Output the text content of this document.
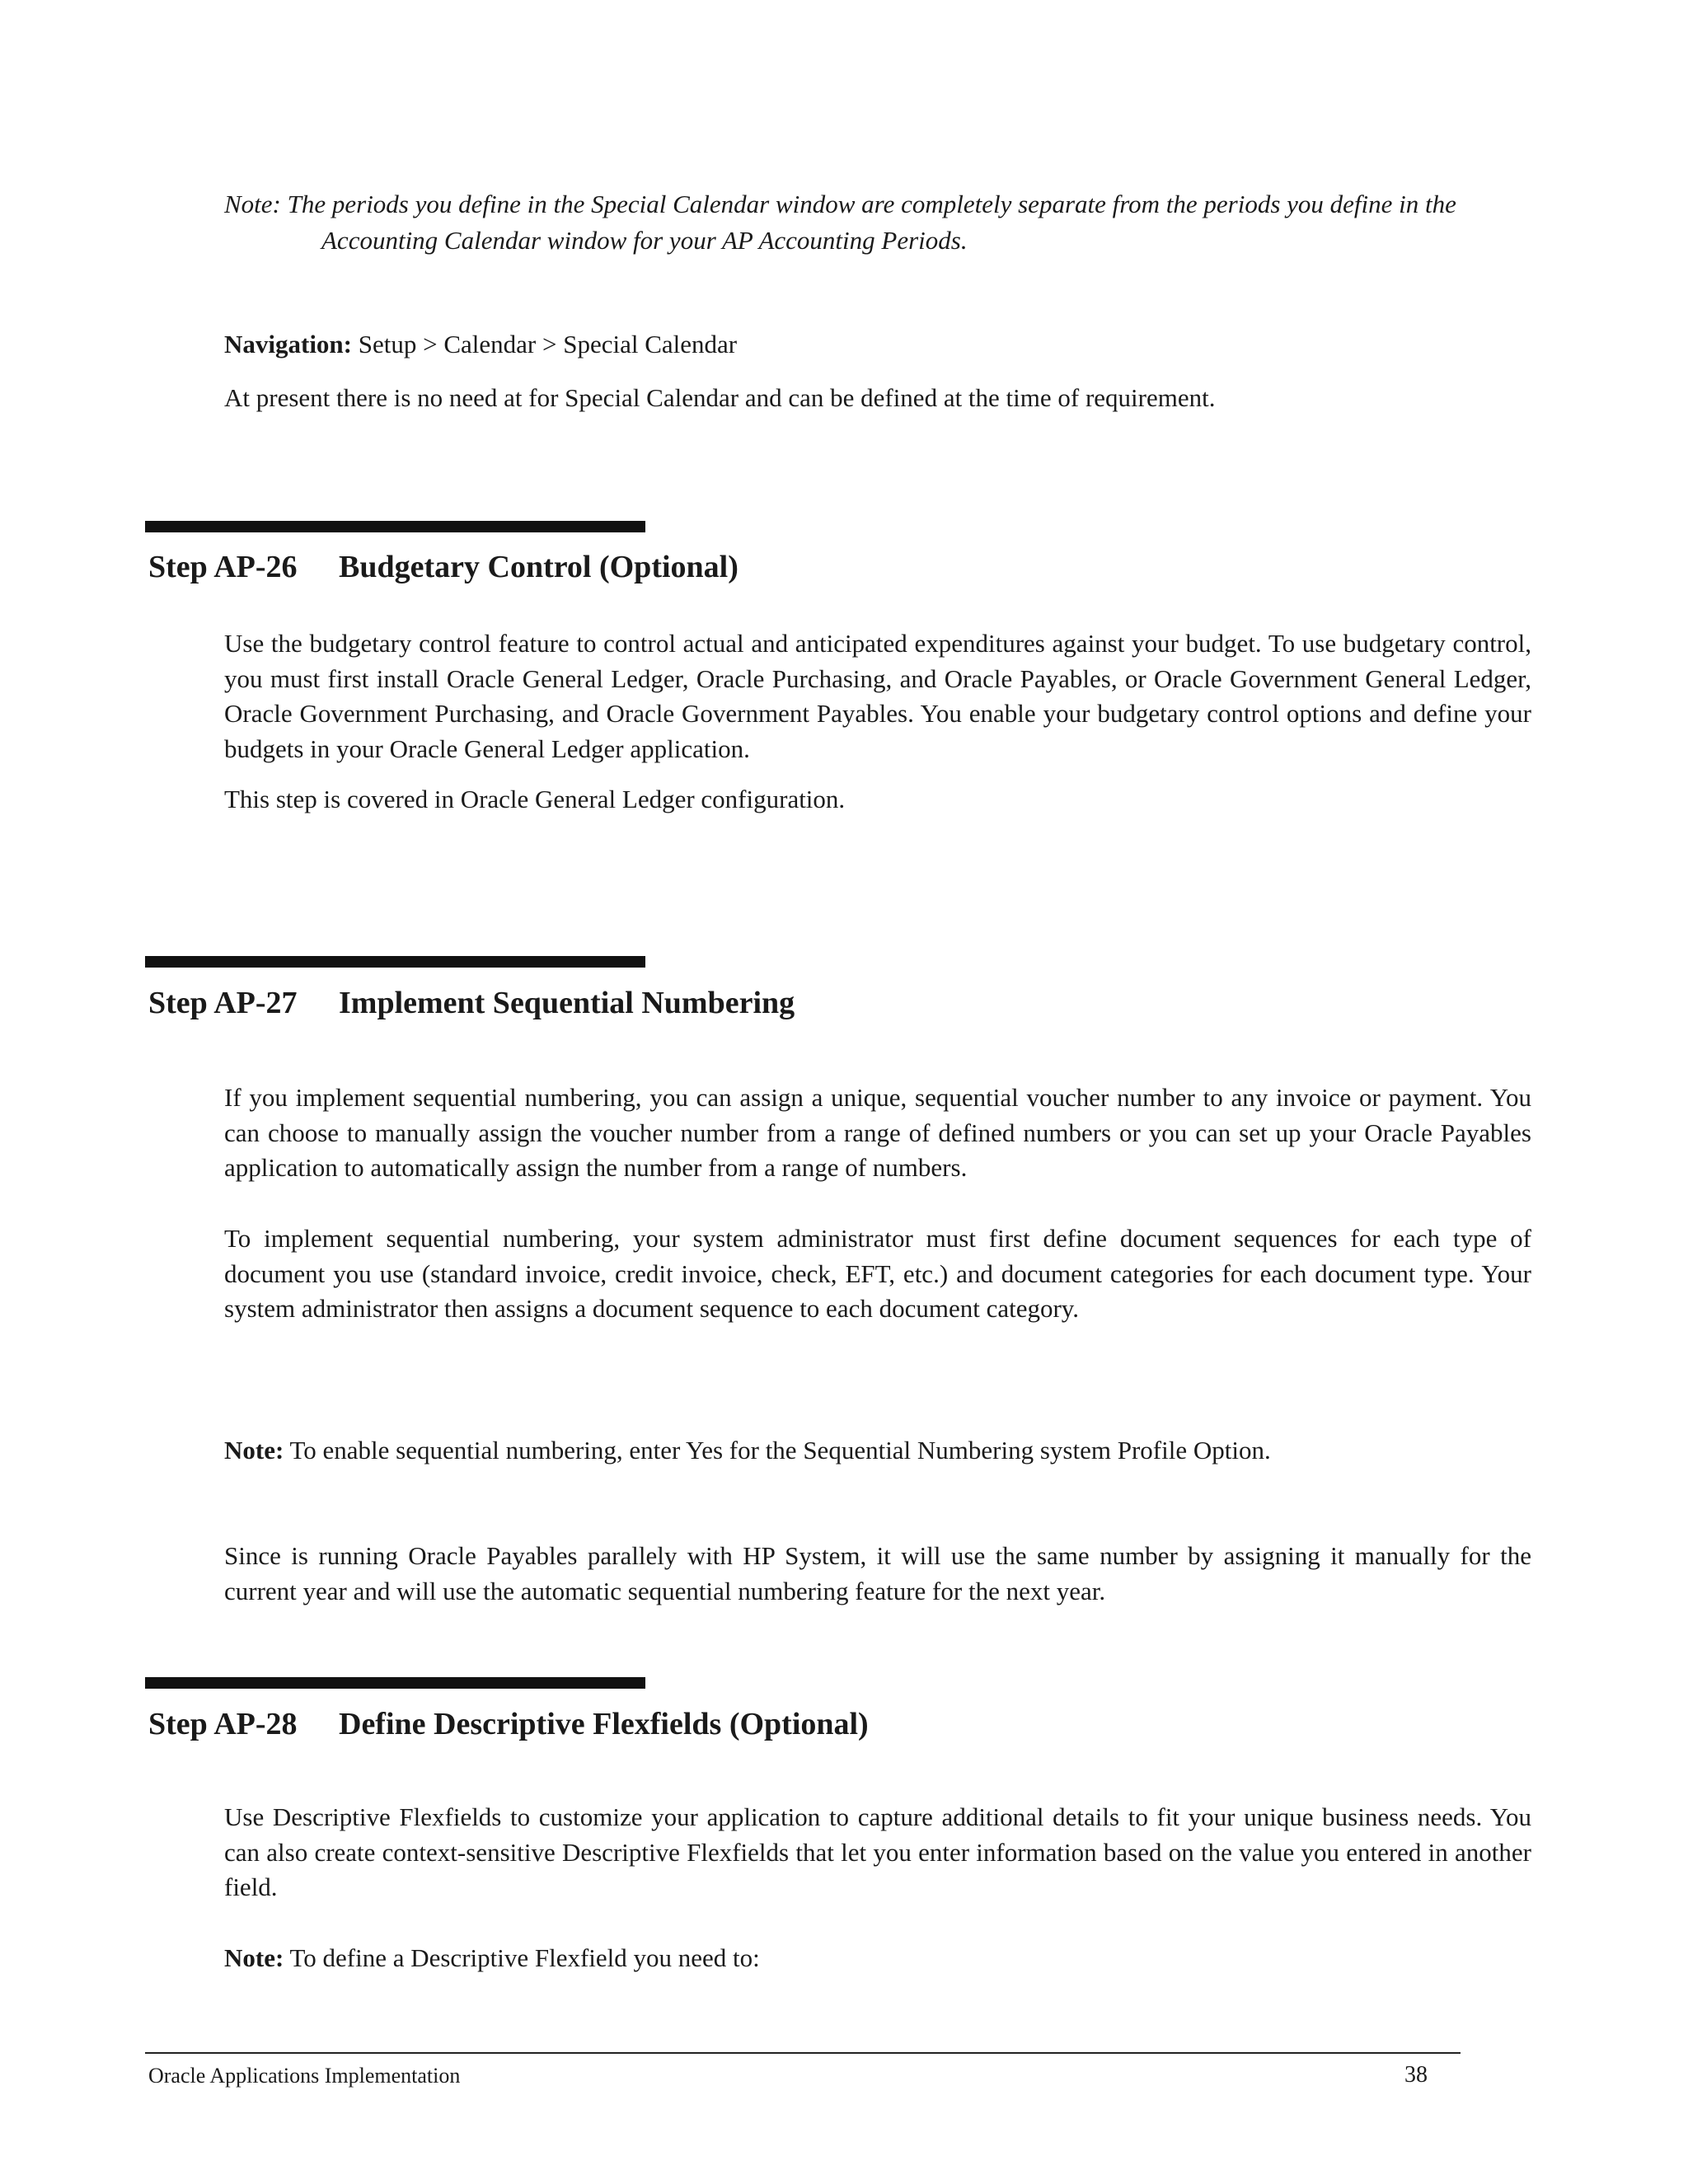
Note: The periods you define in the Special Calendar window are completely separate from the periods you define in the
Accounting Calendar window for your AP Accounting Periods.

Navigation: Setup > Calendar > Special Calendar

At present there is no need at for Special Calendar and can be defined at the time of requirement.

Step AP-26 Budgetary Control (Optional)

Use the budgetary control feature to control actual and anticipated expenditures against your budget. To use budgetary control, you must first install Oracle General Ledger, Oracle Purchasing, and Oracle Payables, or Oracle Government General Ledger, Oracle Government Purchasing, and Oracle Government Payables. You enable your budgetary control options and define your budgets in your Oracle General Ledger application.

This step is covered in Oracle General Ledger configuration.

Step AP-27 Implement Sequential Numbering

If you implement sequential numbering, you can assign a unique, sequential voucher number to any invoice or payment. You can choose to manually assign the voucher number from a range of defined numbers or you can set up your Oracle Payables application to automatically assign the number from a range of numbers.

To implement sequential numbering, your system administrator must first define document sequences for each type of document you use (standard invoice, credit invoice, check, EFT, etc.) and document categories for each document type. Your system administrator then assigns a document sequence to each document category.

Note: To enable sequential numbering, enter Yes for the Sequential Numbering system Profile Option.

Since is running Oracle Payables parallely with HP System, it will use the same number by assigning it manually for the current year and will use the automatic sequential numbering feature for the next year.

Step AP-28 Define Descriptive Flexfields (Optional)

Use Descriptive Flexfields to customize your application to capture additional details to fit your unique business needs. You can also create context-sensitive Descriptive Flexfields that let you enter information based on the value you entered in another field.

Note: To define a Descriptive Flexfield you need to:

Oracle Applications Implementation	38
